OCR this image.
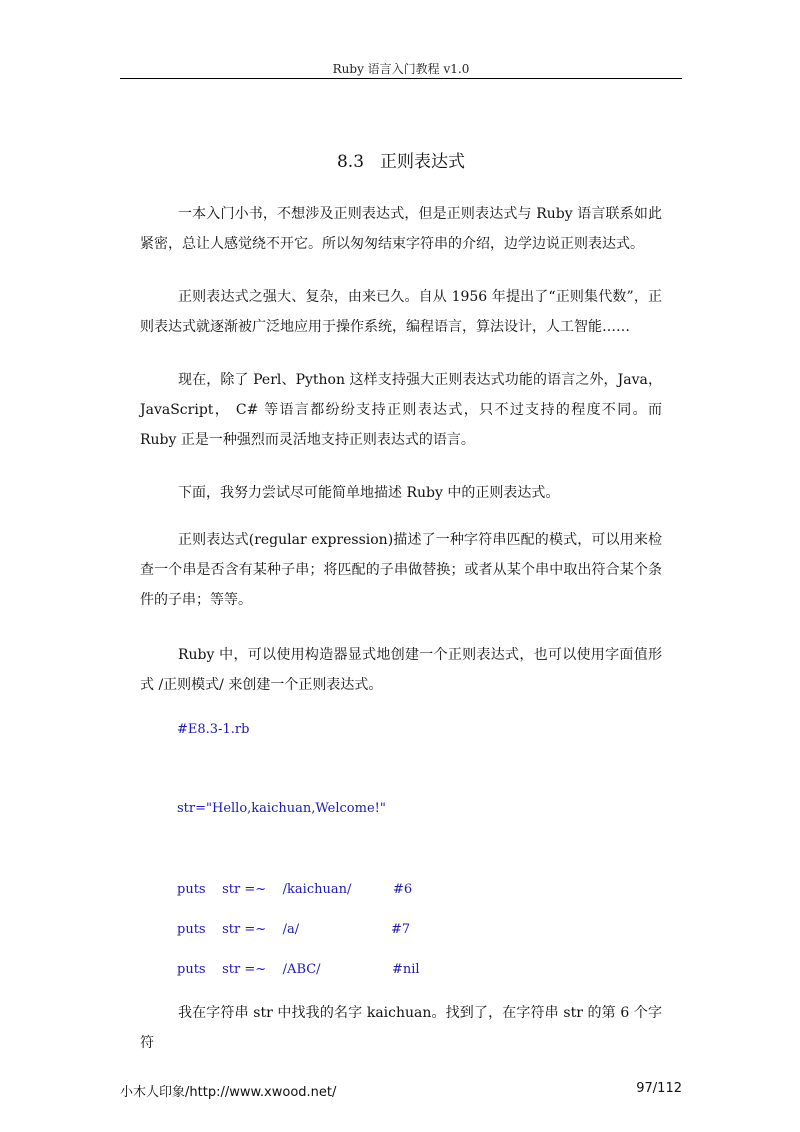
Ruby 语言入门教程 v1.0
8.3 正则表达式
一本入门小书，不想涉及正则表达式，但是正则表达式与 Ruby 语言联系如此紧密，总让人感觉绕不开它。所以匆匆结束字符串的介绍，边学边说正则表达式。
正则表达式之强大、复杂，由来已久。自从 1956 年提出了“正则集代数”，正则表达式就逐渐被广泛地应用于操作系统，编程语言，算法设计，人工智能……
现在，除了 Perl、Python 这样支持强大正则表达式功能的语言之外，Java，JavaScript， C# 等语言都纷纷支持正则表达式，只不过支持的程度不同。而 Ruby 正是一种强烈而灵活地支持正则表达式的语言。
下面，我努力尝试尽可能简单地描述 Ruby 中的正则表达式。
正则表达式(regular expression)描述了一种字符串匹配的模式，可以用来检查一个串是否含有某种子串；将匹配的子串做替换；或者从某个串中取出符合某个条件的子串；等等。
Ruby 中，可以使用构造器显式地创建一个正则表达式，也可以使用字面值形式 /正则模式/ 来创建一个正则表达式。
#E8.3-1.rb
str="Hello,kaichuan,Welcome!"
puts    str =~    /kaichuan/	#6
puts    str =~    /a/	#7
puts    str =~    /ABC/	#nil
我在字符串 str 中找我的名字 kaichuan。找到了，在字符串 str 的第 6 个字符
小木人印象/http://www.xwood.net/	97/112
